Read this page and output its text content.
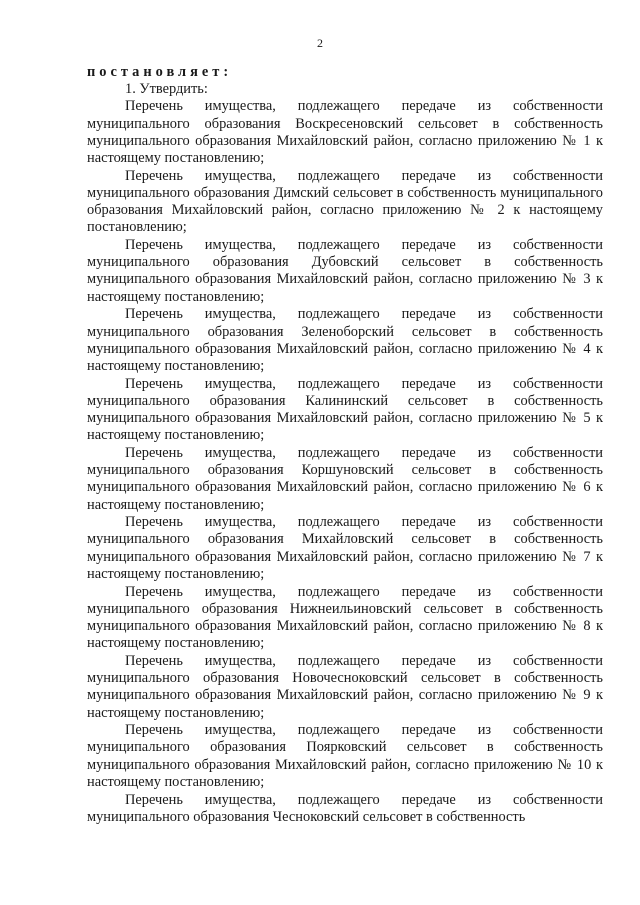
2
постановляет:
1. Утвердить:

Перечень имущества, подлежащего передаче из собственности муниципального образования Воскресеновский сельсовет в собственность муниципального образования Михайловский район, согласно приложению № 1 к настоящему постановлению;

Перечень имущества, подлежащего передаче из собственности муниципального образования Димский сельсовет в собственность муниципального образования Михайловский район, согласно приложению № 2 к настоящему постановлению;

Перечень имущества, подлежащего передаче из собственности муниципального образования Дубовский сельсовет в собственность муниципального образования Михайловский район, согласно приложению № 3 к настоящему постановлению;

Перечень имущества, подлежащего передаче из собственности муниципального образования Зеленоборский сельсовет в собственность муниципального образования Михайловский район, согласно приложению № 4 к настоящему постановлению;

Перечень имущества, подлежащего передаче из собственности муниципального образования Калининский сельсовет в собственность муниципального образования Михайловский район, согласно приложению № 5 к настоящему постановлению;

Перечень имущества, подлежащего передаче из собственности муниципального образования Коршуновский сельсовет в собственность муниципального образования Михайловский район, согласно приложению № 6 к настоящему постановлению;

Перечень имущества, подлежащего передаче из собственности муниципального образования Михайловский сельсовет в собственность муниципального образования Михайловский район, согласно приложению № 7 к настоящему постановлению;

Перечень имущества, подлежащего передаче из собственности муниципального образования Нижнеильиновский сельсовет в собственность муниципального образования Михайловский район, согласно приложению № 8 к настоящему постановлению;

Перечень имущества, подлежащего передаче из собственности муниципального образования Новочесноковский сельсовет в собственность муниципального образования Михайловский район, согласно приложению № 9 к настоящему постановлению;

Перечень имущества, подлежащего передаче из собственности муниципального образования Поярковский сельсовет в собственность муниципального образования Михайловский район, согласно приложению № 10 к настоящему постановлению;

Перечень имущества, подлежащего передаче из собственности муниципального образования Чесноковский сельсовет в собственность
